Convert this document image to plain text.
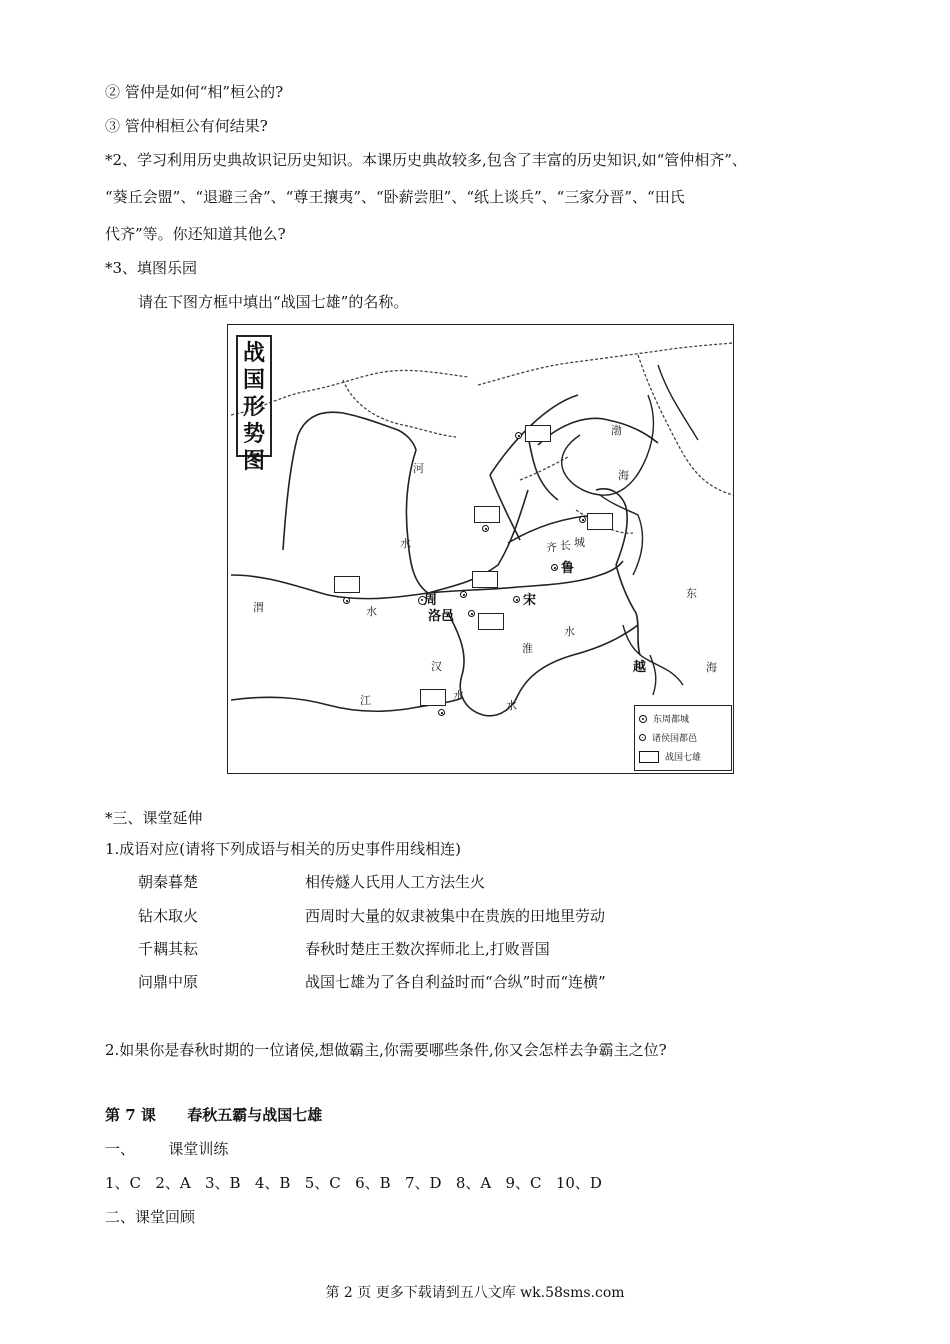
② 管仲是如何“相”桓公的?
③ 管仲相桓公有何结果?
*2、学习利用历史典故识记历史知识。本课历史典故较多,包含了丰富的历史知识,如“管仲相齐”、
“葵丘会盟”、“退避三舍”、“尊王攘夷”、“卧薪尝胆”、“纸上谈兵”、“三家分晋”、“田氏
代齐”等。你还知道其他么?
*3、填图乐园
请在下图方框中填出“战国七雄”的名称。
战
国
形
势
图	河
水
渭	水
渤
海
齐 长 城
淮
水
东
海
汉
水
江	水
周
洛邑
宋
鲁
越
东周都城
诸侯国都邑
战国七雄
*三、课堂延伸
1.成语对应(请将下列成语与相关的历史事件用线相连)
朝秦暮楚	相传燧人氏用人工方法生火
钻木取火	西周时大量的奴隶被集中在贵族的田地里劳动
千耦其耘	春秋时楚庄王数次挥师北上,打败晋国
问鼎中原	战国七雄为了各自利益时而“合纵”时而“连横”
2.如果你是春秋时期的一位诸侯,想做霸主,你需要哪些条件,你又会怎样去争霸主之位?
第 7 课      春秋五霸与战国七雄
一、       课堂训练
1、C   2、A   3、B   4、B   5、C   6、B   7、D   8、A   9、C   10、D
二、课堂回顾
第 2 页 更多下载请到五八文库 wk.58sms.com
